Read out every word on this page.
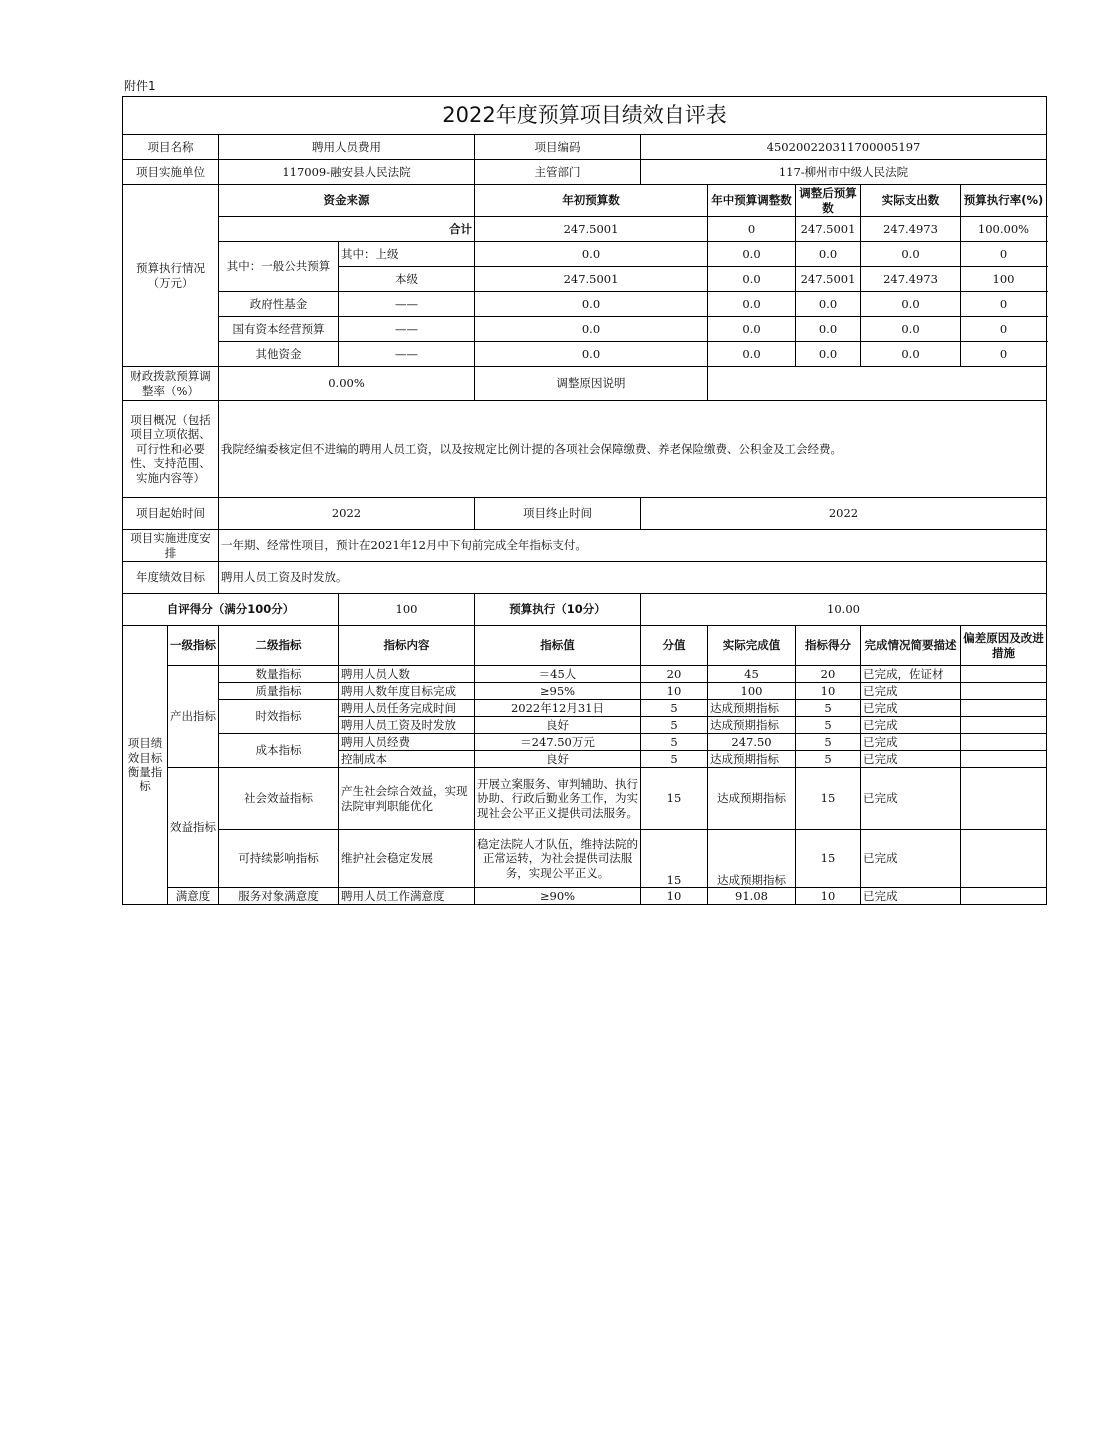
附件1
2022年度预算项目绩效自评表									
项目名称		聘用人员费用		项目编码	450200220311700005197				
项目实施单位		117009-融安县人民法院		主管部门	117-柳州市中级人民法院				
预算执行情况（万元）		资金来源		年初预算数		年中预算调整数	调整后预算数	实际支出数	预算执行率(%)
		合计		247.5001		0	247.5001	247.4973	100.00%
		其中：一般公共预算	其中：上级	0.0		0.0	0.0	0.0	0
			本级	247.5001		0.0	247.5001	247.4973	100
		政府性基金	——	0.0		0.0	0.0	0.0	0
		国有资本经营预算	——	0.0		0.0	0.0	0.0	0
		其他资金	——	0.0		0.0	0.0	0.0	0
财政拨款预算调整率（%）		0.00%		调整原因说明					
项目概况（包括项目立项依据、可行性和必要性、支持范围、实施内容等）		我院经编委核定但不进编的聘用人员工资，以及按规定比例计提的各项社会保障缴费、养老保险缴费、公积金及工会经费。							
项目起始时间		2022		项目终止时间	2022				
项目实施进度安排		一年期、经常性项目，预计在2021年12月中下旬前完成全年指标支付。							
年度绩效目标		聘用人员工资及时发放。							
自评得分（满分100分）			100	预算执行（10分）	10.00				
项目绩效目标衡量指标	一级指标	二级指标	指标内容	指标值	分值	实际完成值	指标得分	完成情况简要描述	偏差原因及改进措施
	产出指标	数量指标	聘用人员人数	＝45人	20	45	20	已完成，佐证材	
		质量指标	聘用人数年度目标完成	≥95%	10	100	10	已完成	
		时效指标	聘用人员任务完成时间	2022年12月31日	5	达成预期指标	5	已完成	
			聘用人员工资及时发放	良好	5	达成预期指标	5	已完成	
		成本指标	聘用人员经费	＝247.50万元	5	247.50	5	已完成	
			控制成本	良好	5	达成预期指标	5	已完成	
	效益指标	社会效益指标	产生社会综合效益，实现法院审判职能优化	开展立案服务、审判辅助、执行协助、行政后勤业务工作，为实现社会公平正义提供司法服务。	15	达成预期指标	15	已完成	
		可持续影响指标	维护社会稳定发展	稳定法院人才队伍，维持法院的正常运转，为社会提供司法服务，实现公平正义。	15	达成预期指标	15	已完成	
	满意度	服务对象满意度	聘用人员工作满意度	≥90%	10	91.08	10	已完成	
